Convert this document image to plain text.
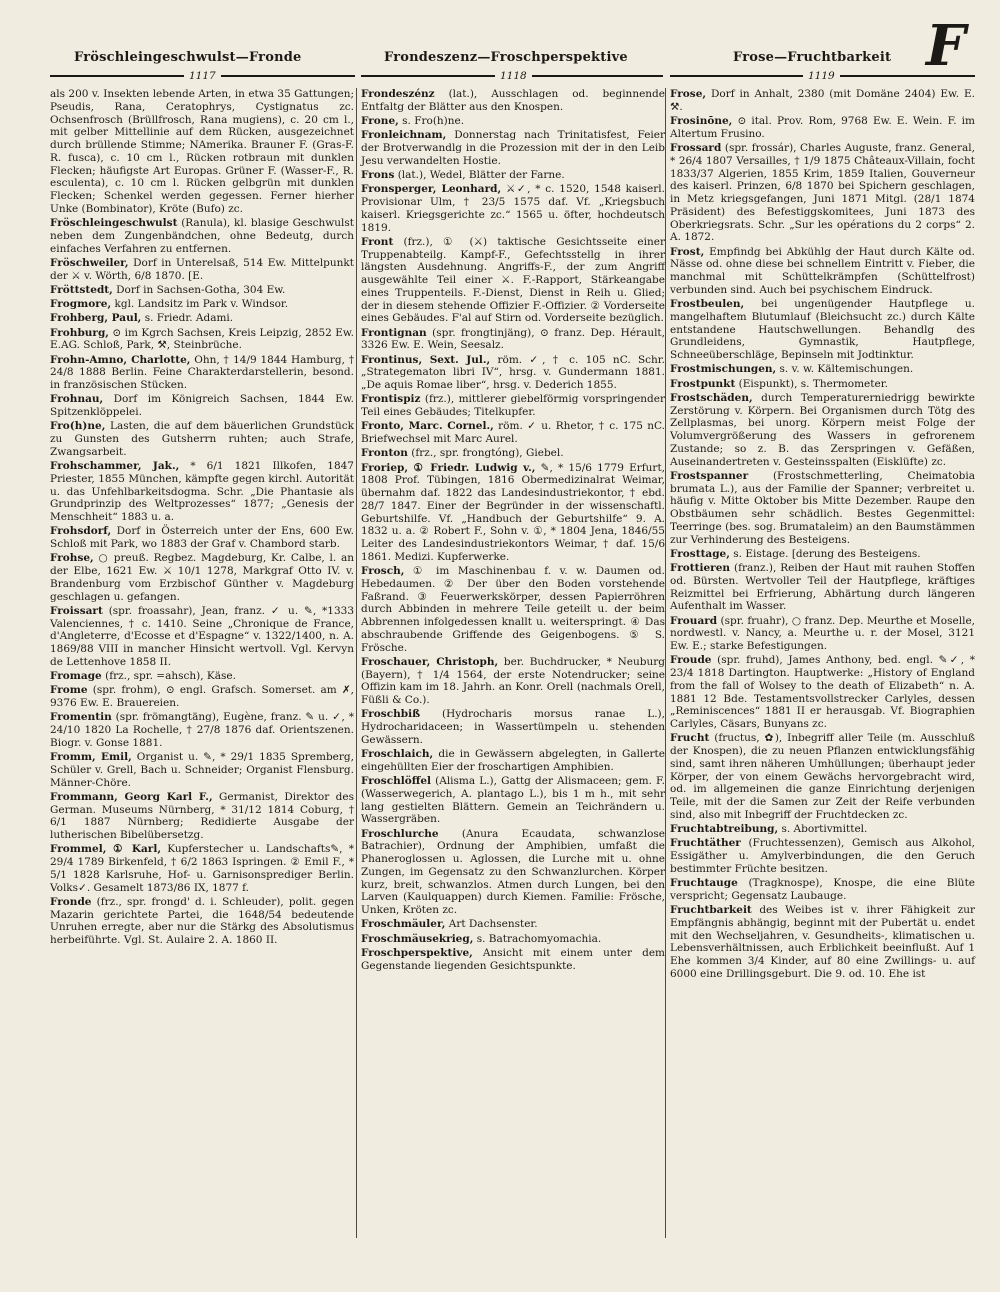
Fröschleingeschwulst—Fronde	Frondeszenz—Froschperspektive	Frose—Fruchtbarkeit F
1117	1118	1119

als 200 v. Insekten lebende Arten, in etwa 35 Gattungen; Pseudis, Rana, Ceratophrys, Cystignatus zc. Ochsenfrosch (Brüllfrosch, Rana mugiens), c. 20 cm l., mit gelber Mittellinie auf dem Rücken, ausgezeichnet durch brüllende Stimme; NAmerika. Brauner F. (Gras-F. R. fusca), c. 10 cm l., Rücken rotbraun mit dunklen Flecken; häufigste Art Europas. Grüner F. (Wasser-F., R. esculenta), c. 10 cm l. Rücken gelbgrün mit dunklen Flecken; Schenkel werden gegessen. Ferner hierher Unke (Bombinator), Kröte (Bufo) zc.

Fröschleingeschwulst (Ranula), kl. blasige Geschwulst neben dem Zungenbändchen, ohne Bedeutg, durch einfaches Verfahren zu entfernen.

Fröschweiler, Dorf in Unterelsaß, 514 Ew. Mittelpunkt der ⚔ v. Wörth, 6/8 1870. [E.

Fröttstedt, Dorf in Sachsen-Gotha, 304 Ew.

Frogmore, kgl. Landsitz im Park v. Windsor.

Frohberg, Paul, s. Friedr. Adami.

Frohburg, ⊙ im Kgrch Sachsen, Kreis Leipzig, 2852 Ew. E.AG. Schloß, Park, ⚒, Steinbrüche.

Frohn-Amno, Charlotte, Ohn, † 14/9 1844 Hamburg, † 24/8 1888 Berlin. Feine Charakterdarstellerin, besond. in französischen Stücken.

Frohnau, Dorf im Königreich Sachsen, 1844 Ew. Spitzenklöppelei.

Fro(h)ne, Lasten, die auf dem bäuerlichen Grundstück zu Gunsten des Gutsherrn ruhten; auch Strafe, Zwangsarbeit.

Frohschammer, Jak., * 6/1 1821 Illkofen, 1847 Priester, 1855 München, kämpfte gegen kirchl. Autorität u. das Unfehlbarkeitsdogma. Schr. „Die Phantasie als Grundprinzip des Weltprozesses“ 1877; „Genesis der Menschheit“ 1883 u. a.

Frohsdorf, Dorf in Österreich unter der Ens, 600 Ew. Schloß mit Park, wo 1883 der Graf v. Chambord starb.

Frohse, ○ preuß. Regbez. Magdeburg, Kr. Calbe, l. an der Elbe, 1621 Ew. ⚔ 10/1 1278, Markgraf Otto IV. v. Brandenburg vom Erzbischof Günther v. Magdeburg geschlagen u. gefangen.

Froissart (spr. froassahr), Jean, franz. ✓ u. ✎, *1333 Valenciennes, † c. 1410. Seine „Chronique de France, d'Angleterre, d'Ecosse et d'Espagne“ v. 1322/1400, n. A. 1869/88 VIII in mancher Hinsicht wertvoll. Vgl. Kervyn de Lettenhove 1858 II.

Fromage (frz., spr. =ahsch), Käse.

Frome (spr. frohm), ⊙ engl. Grafsch. Somerset. am ✗, 9376 Ew. E. Brauereien.

Fromentin (spr. frömangtäng), Eugène, franz. ✎ u. ✓, * 24/10 1820 La Rochelle, † 27/8 1876 daf. Orientszenen. Biogr. v. Gonse 1881.

Fromm, Emil, Organist u. ✎, * 29/1 1835 Spremberg, Schüler v. Grell, Bach u. Schneider; Organist Flensburg. Männer-Chöre.

Frommann, Georg Karl F., Germanist, Direktor des German. Museums Nürnberg, * 31/12 1814 Coburg, † 6/1 1887 Nürnberg; Redidierte Ausgabe der lutherischen Bibelübersetzg.

Frommel, ① Karl, Kupferstecher u. Landschafts✎, * 29/4 1789 Birkenfeld, † 6/2 1863 Ispringen. ② Emil F., * 5/1 1828 Karlsruhe, Hof- u. Garnisonsprediger Berlin. Volks✓. Gesamelt 1873/86 IX, 1877 f.

Fronde (frz., spr. frongd' d. i. Schleuder), polit. gegen Mazarin gerichtete Partei, die 1648/54 bedeutende Unruhen erregte, aber nur die Stärkg des Absolutismus herbeiführte. Vgl. St. Aulaire 2. A. 1860 II.

Frondeszénz (lat.), Ausschlagen od. beginnende Entfaltg der Blätter aus den Knospen.

Frone, s. Fro(h)ne.

Fronleichnam, Donnerstag nach Trinitatisfest, Feier der Brotverwandlg in die Prozession mit der in den Leib Jesu verwandelten Hostie.

Frons (lat.), Wedel, Blätter der Farne.

Fronsperger, Leonhard, ⚔✓, * c. 1520, 1548 kaiserl. Provisionar Ulm, † 23/5 1575 daf. Vf. „Kriegsbuch kaiserl. Kriegsgerichte zc.“ 1565 u. öfter, hochdeutsch 1819.

Front (frz.), ① (⚔) taktische Gesichtsseite einer Truppenabteilg. Kampf-F., Gefechtsstellg in ihrer längsten Ausdehnung. Angriffs-F., der zum Angriff ausgewählte Teil einer ⚔. F.-Rapport, Stärkeangabe eines Truppenteils. F.-Dienst, Dienst in Reih u. Glied; der in diesem stehende Offizier F.-Offizier. ② Vorderseite eines Gebäudes. F'al auf Stirn od. Vorderseite bezüglich.

Frontignan (spr. frongtinjäng), ⊙ franz. Dep. Hérault, 3326 Ew. E. Wein, Seesalz.

Frontinus, Sext. Jul., röm. ✓, † c. 105 nC. Schr. „Strategematon libri IV“, hrsg. v. Gundermann 1881. „De aquis Romae liber“, hrsg. v. Dederich 1855.

Frontispiz (frz.), mittlerer giebelförmig vorspringender Teil eines Gebäudes; Titelkupfer.

Fronto, Marc. Cornel., röm. ✓ u. Rhetor, † c. 175 nC. Briefwechsel mit Marc Aurel.

Fronton (frz., spr. frongtóng), Giebel.

Froriep, ① Friedr. Ludwig v., ✎, * 15/6 1779 Erfurt, 1808 Prof. Tübingen, 1816 Obermedizinalrat Weimar, übernahm daf. 1822 das Landesindustriekontor, † ebd. 28/7 1847. Einer der Begründer in der wissenschaftl. Geburtshilfe. Vf. „Handbuch der Geburtshilfe“ 9. A. 1832 u. a. ② Robert F., Sohn v. ①, * 1804 Jena, 1846/55 Leiter des Landesindustriekontors Weimar, † daf. 15/6 1861. Medizi. Kupferwerke.

Frosch, ① im Maschinenbau f. v. w. Daumen od. Hebedaumen. ② Der über den Boden vorstehende Faßrand. ③ Feuerwerkskörper, dessen Papierröhren durch Abbinden in mehrere Teile geteilt u. der beim Abbrennen infolgedessen knallt u. weiterspringt. ④ Das abschraubende Griffende des Geigenbogens. ⑤ S. Frösche.

Froschauer, Christoph, ber. Buchdrucker, * Neuburg (Bayern), † 1/4 1564, der erste Notendrucker; seine Offizin kam im 18. Jahrh. an Konr. Orell (nachmals Orell, Füßli & Co.).

Froschbiß (Hydrocharis morsus ranae L.), Hydrocharidaceen; in Wassertümpeln u. stehenden Gewässern.

Froschlaich, die in Gewässern abgelegten, in Gallerte eingehüllten Eier der froschartigen Amphibien.

Froschlöffel (Alisma L.), Gattg der Alismaceen; gem. F. (Wasserwegerich, A. plantago L.), bis 1 m h., mit sehr lang gestielten Blättern. Gemein an Teichrändern u. Wassergräben.

Froschlurche (Anura Ecaudata, schwanzlose Batrachier), Ordnung der Amphibien, umfaßt die Phaneroglossen u. Aglossen, die Lurche mit u. ohne Zungen, im Gegensatz zu den Schwanzlurchen. Körper kurz, breit, schwanzlos. Atmen durch Lungen, bei den Larven (Kaulquappen) durch Kiemen. Familie: Frösche, Unken, Kröten zc.

Froschmäuler, Art Dachsenster.

Froschmäusekrieg, s. Batrachomyomachia.

Froschperspektive, Ansicht mit einem unter dem Gegenstande liegenden Gesichtspunkte.

Frose, Dorf in Anhalt, 2380 (mit Domäne 2404) Ew. E. ⚒.

Frosinōne, ⊙ ital. Prov. Rom, 9768 Ew. E. Wein. F. im Altertum Frusino.

Frossard (spr. frossár), Charles Auguste, franz. General, * 26/4 1807 Versailles, † 1/9 1875 Châteaux-Villain, focht 1833/37 Algerien, 1855 Krim, 1859 Italien, Gouverneur des kaiserl. Prinzen, 6/8 1870 bei Spichern geschlagen, in Metz kriegsgefangen, Juni 1871 Mitgl. (28/1 1874 Präsident) des Befestiggskomitees, Juni 1873 des Oberkriegsrats. Schr. „Sur les opérations du 2 corps“ 2. A. 1872.

Frost, Empfindg bei Abkühlg der Haut durch Kälte od. Nässe od. ohne diese bei schnellem Eintritt v. Fieber, die manchmal mit Schüttelkrämpfen (Schüttelfrost) verbunden sind. Auch bei psychischem Eindruck.

Frostbeulen, bei ungenügender Hautpflege u. mangelhaftem Blutumlauf (Bleichsucht zc.) durch Kälte entstandene Hautschwellungen. Behandlg des Grundleidens, Gymnastik, Hautpflege, Schneeüberschläge, Bepinseln mit Jodtinktur.

Frostmischungen, s. v. w. Kältemischungen.

Frostpunkt (Eispunkt), s. Thermometer.

Frostschäden, durch Temperaturerniedrigg bewirkte Zerstörung v. Körpern. Bei Organismen durch Tötg des Zellplasmas, bei unorg. Körpern meist Folge der Volumvergrößerung des Wassers in gefrorenem Zustande; so z. B. das Zerspringen v. Gefäßen, Auseinandertreten v. Gesteinsspalten (Eisklüfte) zc.

Frostspanner (Frostschmetterling, Cheimatobia brumata L.), aus der Familie der Spanner; verbreitet u. häufig v. Mitte Oktober bis Mitte Dezember. Raupe den Obstbäumen sehr schädlich. Bestes Gegenmittel: Teerringe (bes. sog. Brumataleim) an den Baumstämmen zur Verhinderung des Besteigens.

Frosttage, s. Eistage. [derung des Besteigens.

Frottieren (franz.), Reiben der Haut mit rauhen Stoffen od. Bürsten. Wertvoller Teil der Hautpflege, kräftiges Reizmittel bei Erfrierung, Abhärtung durch längeren Aufenthalt im Wasser.

Frouard (spr. fruahr), ○ franz. Dep. Meurthe et Moselle, nordwestl. v. Nancy, a. Meurthe u. r. der Mosel, 3121 Ew. E.; starke Befestigungen.

Froude (spr. fruhd), James Anthony, bed. engl. ✎✓, * 23/4 1818 Dartington. Hauptwerke: „History of England from the fall of Wolsey to the death of Elizabeth“ n. A. 1881 12 Bde. Testamentsvollstrecker Carlyles, dessen „Reminiscences“ 1881 II er herausgab. Vf. Biographien Carlyles, Cäsars, Bunyans zc.

Frucht (fructus, ✿), Inbegriff aller Teile (m. Ausschluß der Knospen), die zu neuen Pflanzen entwicklungsfähig sind, samt ihren näheren Umhüllungen; überhaupt jeder Körper, der von einem Gewächs hervorgebracht wird, od. im allgemeinen die ganze Einrichtung derjenigen Teile, mit der die Samen zur Zeit der Reife verbunden sind, also mit Inbegriff der Fruchtdecken zc.

Fruchtabtreibung, s. Abortivmittel.

Fruchtäther (Fruchtessenzen), Gemisch aus Alkohol, Essigäther u. Amylverbindungen, die den Geruch bestimmter Früchte besitzen.

Fruchtauge (Tragknospe), Knospe, die eine Blüte verspricht; Gegensatz Laubauge.

Fruchtbarkeit des Weibes ist v. ihrer Fähigkeit zur Empfängnis abhängig, beginnt mit der Pubertät u. endet mit den Wechseljahren, v. Gesundheits-, klimatischen u. Lebensverhältnissen, auch Erblichkeit beeinflußt. Auf 1 Ehe kommen 3/4 Kinder, auf 80 eine Zwillings- u. auf 6000 eine Drillingsgeburt. Die 9. od. 10. Ehe ist
